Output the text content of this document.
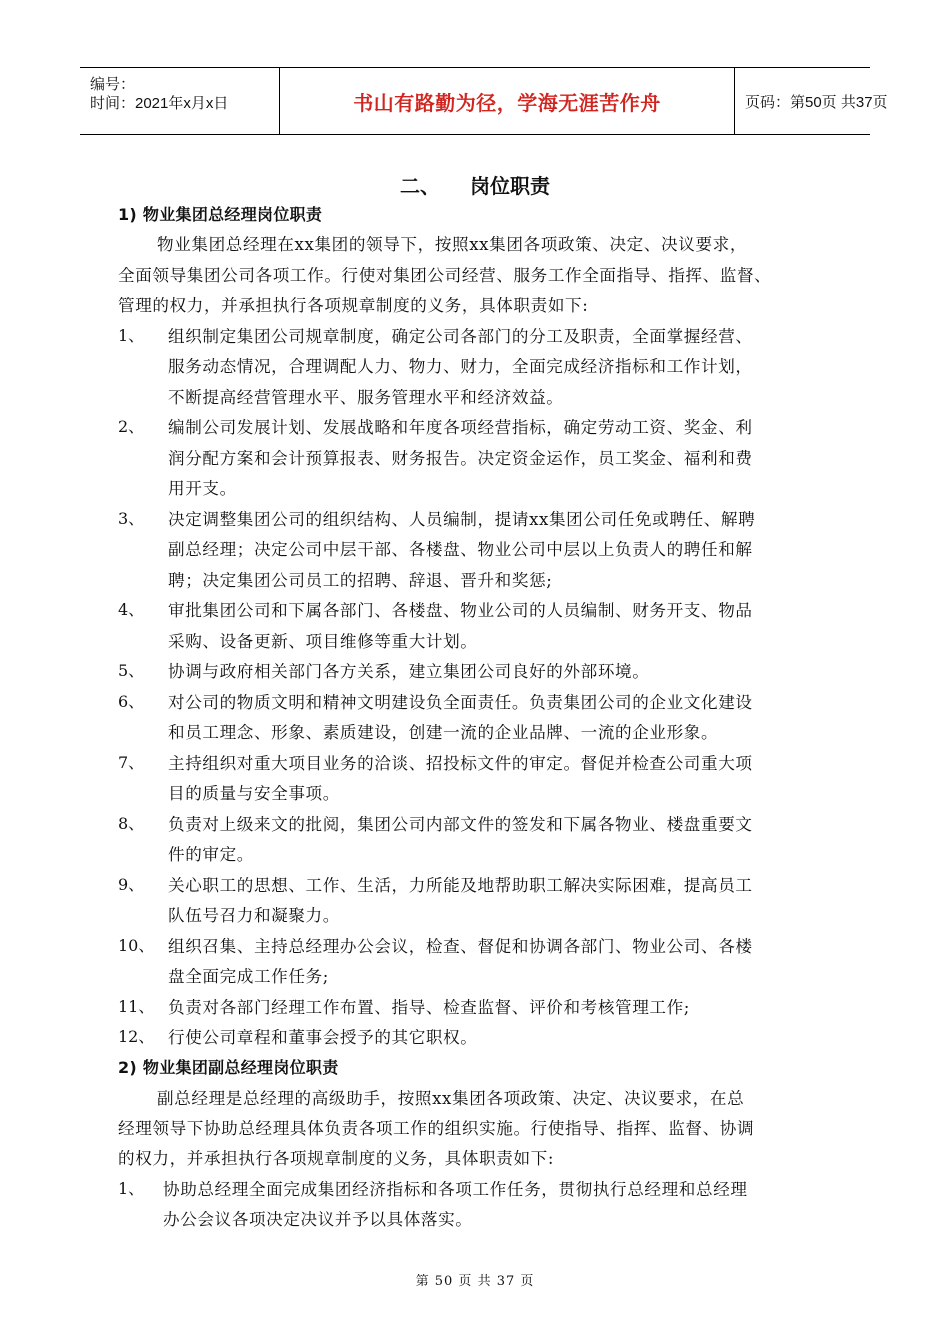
编号：
时间：2021年x月x日	书山有路勤为径，学海无涯苦作舟	页码：第50页 共37页
二、 岗位职责
1) 物业集团总经理岗位职责
物业集团总经理在xx集团的领导下，按照xx集团各项政策、决定、决议要求，
全面领导集团公司各项工作。行使对集团公司经营、服务工作全面指导、指挥、监督、
管理的权力，并承担执行各项规章制度的义务，具体职责如下:
1、 组织制定集团公司规章制度，确定公司各部门的分工及职责，全面掌握经营、
服务动态情况，合理调配人力、物力、财力，全面完成经济指标和工作计划，
不断提高经营管理水平、服务管理水平和经济效益。
2、 编制公司发展计划、发展战略和年度各项经营指标，确定劳动工资、奖金、利
润分配方案和会计预算报表、财务报告。决定资金运作，员工奖金、福利和费
用开支。
3、 决定调整集团公司的组织结构、人员编制，提请xx集团公司任免或聘任、解聘
副总经理；决定公司中层干部、各楼盘、物业公司中层以上负责人的聘任和解
聘；决定集团公司员工的招聘、辞退、晋升和奖惩;
4、 审批集团公司和下属各部门、各楼盘、物业公司的人员编制、财务开支、物品
采购、设备更新、项目维修等重大计划。
5、 协调与政府相关部门各方关系，建立集团公司良好的外部环境。
6、 对公司的物质文明和精神文明建设负全面责任。负责集团公司的企业文化建设
和员工理念、形象、素质建设，创建一流的企业品牌、一流的企业形象。
7、 主持组织对重大项目业务的洽谈、招投标文件的审定。督促并检查公司重大项
目的质量与安全事项。
8、 负责对上级来文的批阅，集团公司内部文件的签发和下属各物业、楼盘重要文
件的审定。
9、 关心职工的思想、工作、生活，力所能及地帮助职工解决实际困难，提高员工
队伍号召力和凝聚力。
10、 组织召集、主持总经理办公会议，检查、督促和协调各部门、物业公司、各楼
盘全面完成工作任务;
11、 负责对各部门经理工作布置、指导、检查监督、评价和考核管理工作;
12、 行使公司章程和董事会授予的其它职权。
2) 物业集团副总经理岗位职责
副总经理是总经理的高级助手，按照xx集团各项政策、决定、决议要求，在总
经理领导下协助总经理具体负责各项工作的组织实施。行使指导、指挥、监督、协调
的权力，并承担执行各项规章制度的义务，具体职责如下:
1、 协助总经理全面完成集团经济指标和各项工作任务，贯彻执行总经理和总经理
办公会议各项决定决议并予以具体落实。
第 50 页 共 37 页
